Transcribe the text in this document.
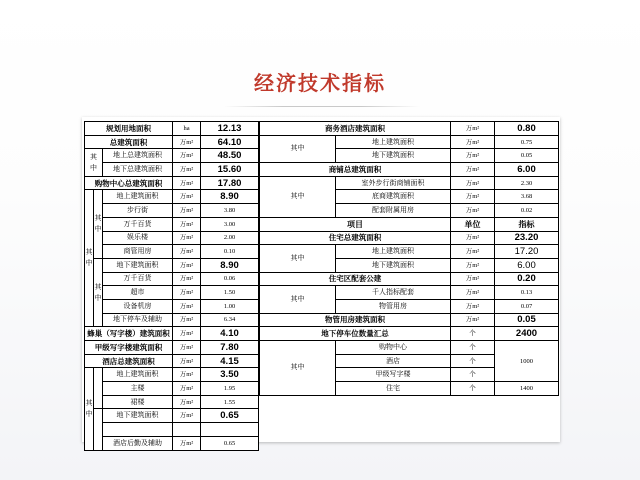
经济技术指标
规划用地面积			ha	12.13
总建筑面积			万m²	64.10
其
中		地上总建筑面积	万m²	48.50
		地下总建筑面积	万m²	15.60
购物中心总建筑面积			万m²	17.80
其
中	其
中	地上建筑面积	万m²	8.90
		步行街	万m²	3.80
		万千百货	万m²	3.00
		娱乐楼	万m²	2.00
		商管用房	万m²	0.10
	其
中	地下建筑面积	万m²	8.90
		万千百货	万m²	0.06
		超市	万m²	1.50
		设备机房	万m²	1.00
		地下停车及辅助	万m²	6.34
蜂巢（写字楼）建筑面积			万m²	4.10
甲级写字楼建筑面积			万m²	7.80
酒店总建筑面积			万m²	4.15
其
中		地上建筑面积	万m²	3.50
		主楼	万m²	1.95
		裙楼	万m²	1.55
		地下建筑面积	万m²	0.65

		酒店后勤及辅助	万m²	0.65
商务酒店建筑面积		万m²	0.80
其中	地上建筑面积	万m²	0.75
	地下建筑面积	万m²	0.05
商铺总建筑面积		万m²	6.00
其中	室外步行街商铺面积	万m²	2.30
	底商建筑面积	万m²	3.68
	配套附属用房	万m²	0.02
项目		单位	指标
住宅总建筑面积		万m²	23.20
其中	地上建筑面积	万m²	17.20
	地下建筑面积	万m²	6.00
住宅区配套公建		万m²	0.20
其中	千人指标配套	万m²	0.13
	物管用房	万m²	0.07
物管用房建筑面积		万m²	0.05
地下停车位数量汇总		个	2400
其中	购物中心	个	1000
	酒店	个	
	甲级写字楼	个	
	住宅	个	1400
